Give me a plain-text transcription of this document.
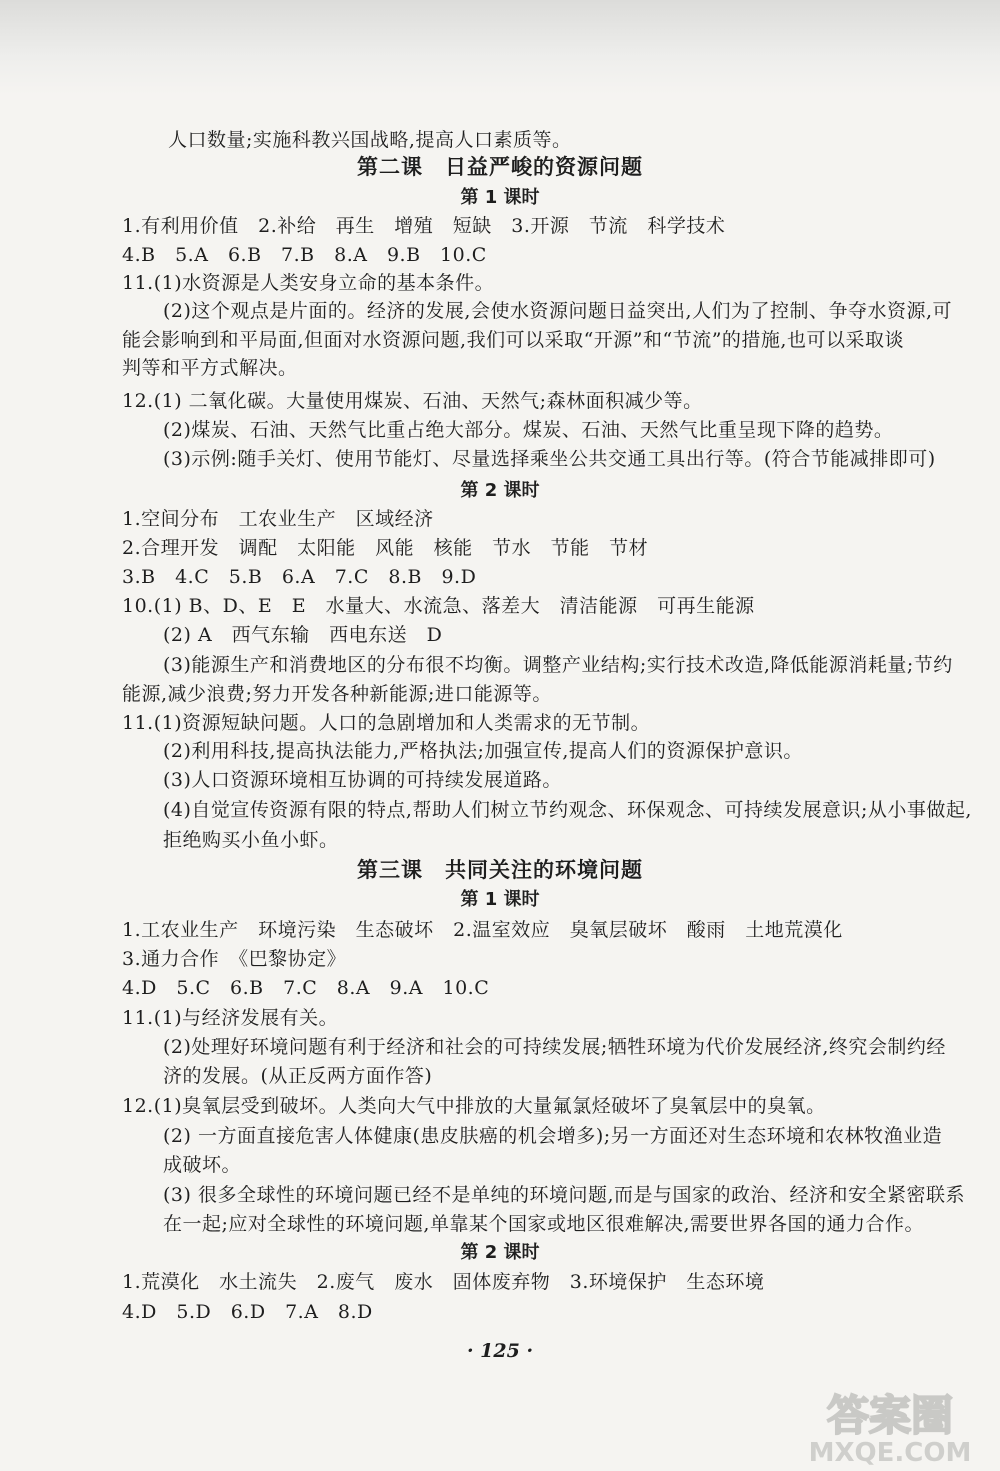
人口数量;实施科教兴国战略,提高人口素质等。
第二课　日益严峻的资源问题
第 1 课时
1.有利用价值　2.补给　再生　增殖　短缺　3.开源　节流　科学技术
4.B　5.A　6.B　7.B　8.A　9.B　10.C
11.(1)水资源是人类安身立命的基本条件。
(2)这个观点是片面的。经济的发展,会使水资源问题日益突出,人们为了控制、争夺水资源,可
能会影响到和平局面,但面对水资源问题,我们可以采取“开源”和“节流”的措施,也可以采取谈
判等和平方式解决。
12.(1) 二氧化碳。大量使用煤炭、石油、天然气;森林面积减少等。
(2)煤炭、石油、天然气比重占绝大部分。煤炭、石油、天然气比重呈现下降的趋势。
(3)示例:随手关灯、使用节能灯、尽量选择乘坐公共交通工具出行等。(符合节能减排即可)
第 2 课时
1.空间分布　工农业生产　区域经济
2.合理开发　调配　太阳能　风能　核能　节水　节能　节材
3.B　4.C　5.B　6.A　7.C　8.B　9.D
10.(1) B、D、E　E　水量大、水流急、落差大　清洁能源　可再生能源
(2) A　西气东输　西电东送　D
(3)能源生产和消费地区的分布很不均衡。调整产业结构;实行技术改造,降低能源消耗量;节约
能源,减少浪费;努力开发各种新能源;进口能源等。
11.(1)资源短缺问题。人口的急剧增加和人类需求的无节制。
(2)利用科技,提高执法能力,严格执法;加强宣传,提高人们的资源保护意识。
(3)人口资源环境相互协调的可持续发展道路。
(4)自觉宣传资源有限的特点,帮助人们树立节约观念、环保观念、可持续发展意识;从小事做起,
拒绝购买小鱼小虾。
第三课　共同关注的环境问题
第 1 课时
1.工农业生产　环境污染　生态破坏　2.温室效应　臭氧层破坏　酸雨　土地荒漠化
3.通力合作　《巴黎协定》
4.D　5.C　6.B　7.C　8.A　9.A　10.C
11.(1)与经济发展有关。
(2)处理好环境问题有利于经济和社会的可持续发展;牺牲环境为代价发展经济,终究会制约经
济的发展。(从正反两方面作答)
12.(1)臭氧层受到破坏。人类向大气中排放的大量氟氯烃破坏了臭氧层中的臭氧。
(2) 一方面直接危害人体健康(患皮肤癌的机会增多);另一方面还对生态环境和农林牧渔业造
成破坏。
(3) 很多全球性的环境问题已经不是单纯的环境问题,而是与国家的政治、经济和安全紧密联系
在一起;应对全球性的环境问题,单靠某个国家或地区很难解决,需要世界各国的通力合作。
第 2 课时
1.荒漠化　水土流失　2.废气　废水　固体废弃物　3.环境保护　生态环境
4.D　5.D　6.D　7.A　8.D
· 125 ·
答案圈
MXQE.COM
